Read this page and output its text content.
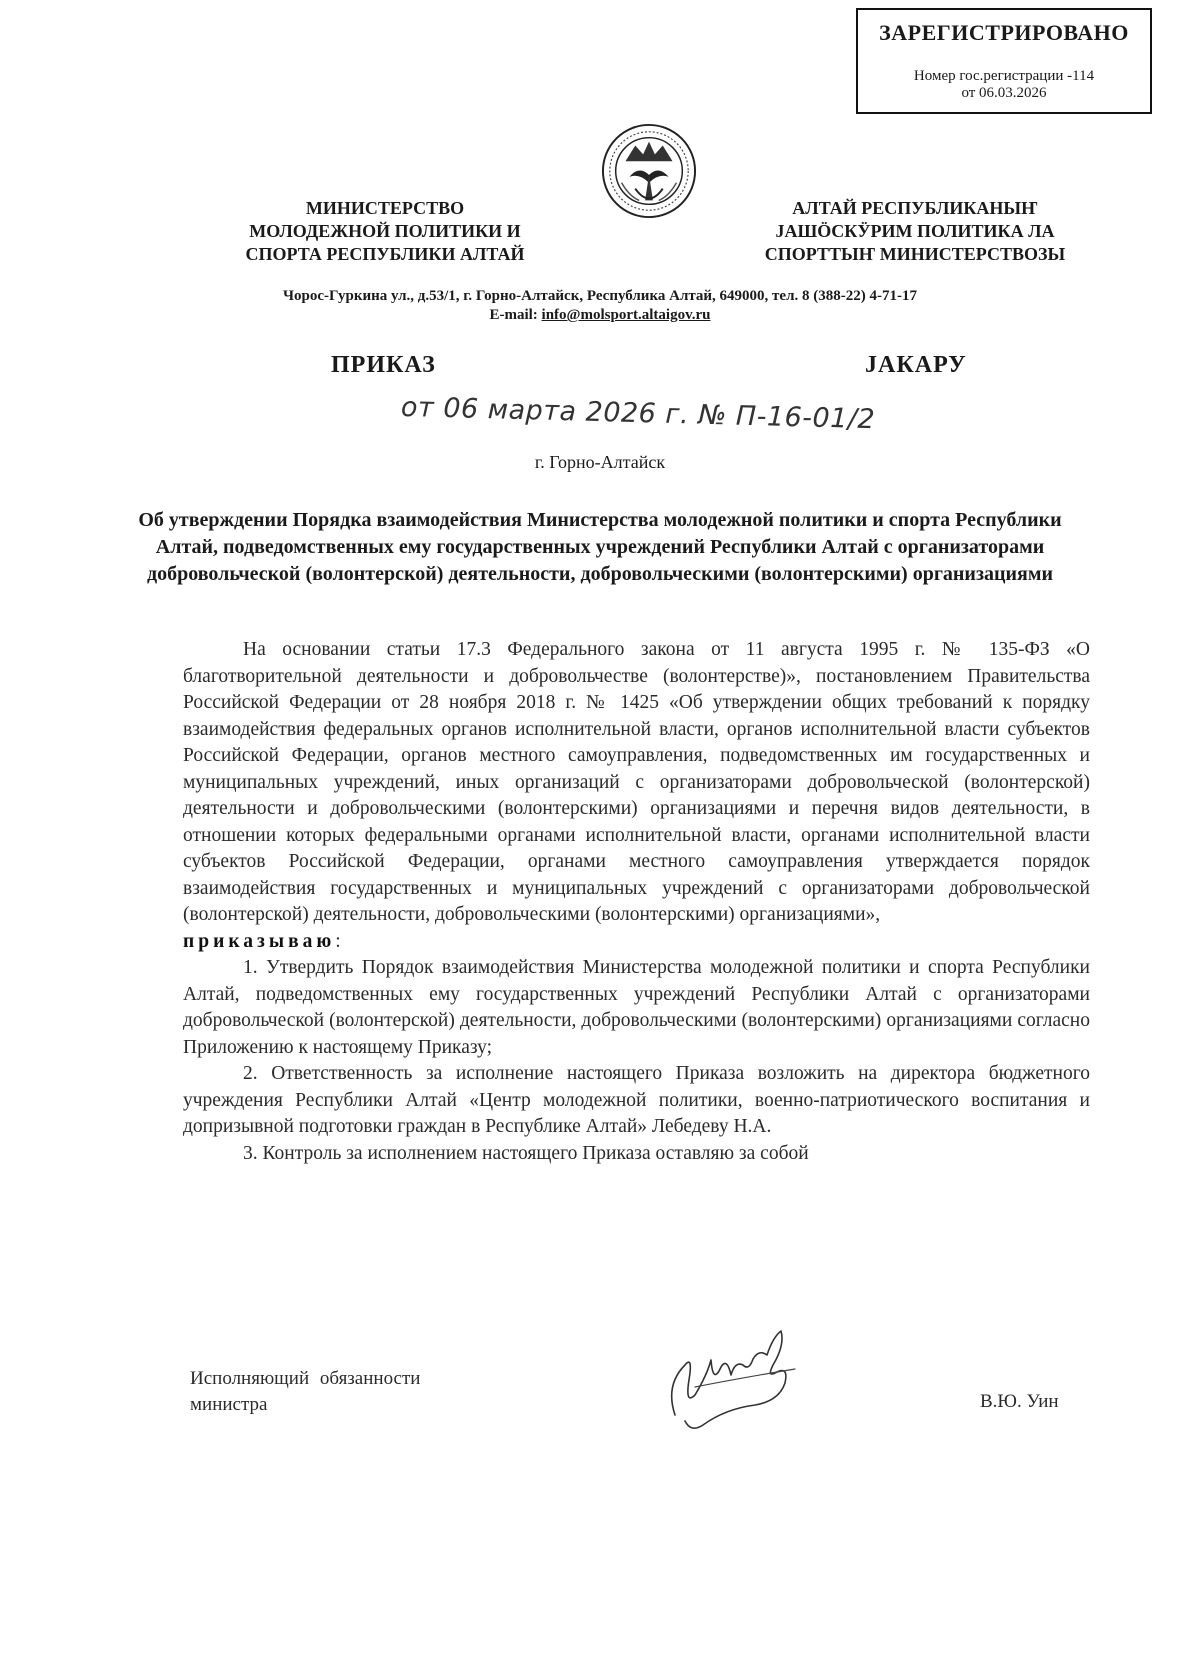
ЗАРЕГИСТРИРОВАНО
Номер гос.регистрации -114
от 06.03.2026
МИНИСТЕРСТВО
МОЛОДЕЖНОЙ ПОЛИТИКИ И
СПОРТА РЕСПУБЛИКИ АЛТАЙ
АЛТАЙ РЕСПУБЛИКАНЫҤ
ЈАШӦСКӰРИМ ПОЛИТИКА ЛА
СПОРТТЫҤ МИНИСТЕРСТВОЗЫ
Чорос-Гуркина ул., д.53/1, г. Горно-Алтайск, Республика Алтай, 649000, тел. 8 (388-22) 4-71-17
E-mail: info@molsport.altaigov.ru
ПРИКАЗ	ЈАКАРУ
от 06 марта 2026 г. № П-16-01/2
г. Горно-Алтайск
Об утверждении Порядка взаимодействия Министерства молодежной политики и спорта Республики Алтай, подведомственных ему государственных учреждений Республики Алтай с организаторами добровольческой (волонтерской) деятельности, добровольческими (волонтерскими) организациями

На основании статьи 17.3 Федерального закона от 11 августа 1995 г. № 135-ФЗ «О благотворительной деятельности и добровольчестве (волонтерстве)», постановлением Правительства Российской Федерации от 28 ноября 2018 г. № 1425 «Об утверждении общих требований к порядку взаимодействия федеральных органов исполнительной власти, органов исполнительной власти субъектов Российской Федерации, органов местного самоуправления, подведомственных им государственных и муниципальных учреждений, иных организаций с организаторами добровольческой (волонтерской) деятельности и добровольческими (волонтерскими) организациями и перечня видов деятельности, в отношении которых федеральными органами исполнительной власти, органами исполнительной власти субъектов Российской Федерации, органами местного самоуправления утверждается порядок взаимодействия государственных и муниципальных учреждений с организаторами добровольческой (волонтерской) деятельности, добровольческими (волонтерскими) организациями»,

приказываю:

1. Утвердить Порядок взаимодействия Министерства молодежной политики и спорта Республики Алтай, подведомственных ему государственных учреждений Республики Алтай с организаторами добровольческой (волонтерской) деятельности, добровольческими (волонтерскими) организациями согласно Приложению к настоящему Приказу;

2. Ответственность за исполнение настоящего Приказа возложить на директора бюджетного учреждения Республики Алтай «Центр молодежной политики, военно-патриотического воспитания и допризывной подготовки граждан в Республике Алтай» Лебедеву Н.А.

3. Контроль за исполнением настоящего Приказа оставляю за собой

Исполняющий обязанности
министра	В.Ю. Уин
